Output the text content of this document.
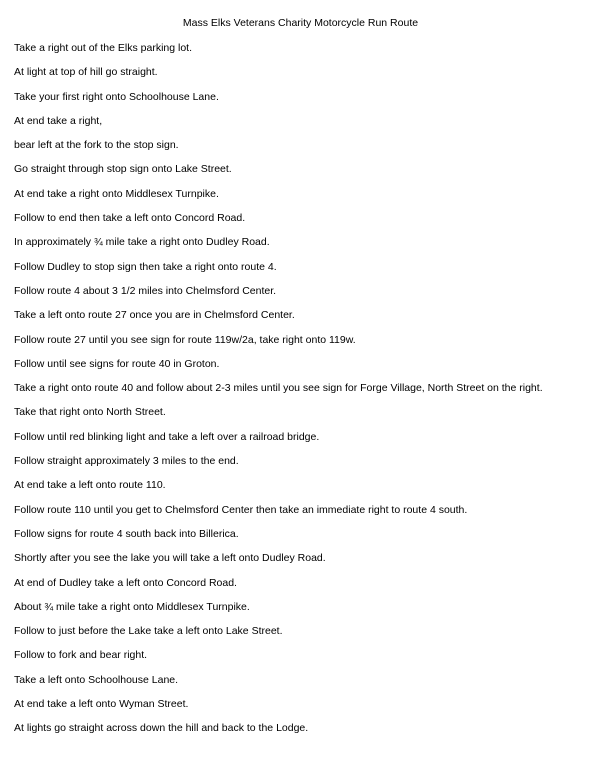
Mass Elks Veterans Charity Motorcycle Run Route
Take a right out of the Elks parking lot.
At light at top of hill go straight.
Take your first right onto Schoolhouse Lane.
At end take a right,
bear left at the fork to the stop sign.
Go straight through stop sign onto Lake Street.
At end take a right onto Middlesex Turnpike.
Follow to end then take a left onto Concord Road.
In approximately ¾ mile take a right onto Dudley Road.
Follow Dudley to stop sign then take a right onto route 4.
Follow route 4 about 3 1/2 miles into Chelmsford Center.
Take a left onto route 27 once you are in Chelmsford Center.
Follow route 27 until you see sign for route 119w/2a, take right onto 119w.
Follow until see signs for route 40 in Groton.
Take a right onto route 40 and follow about 2-3 miles until you see sign for Forge Village, North Street on the right.
Take that right onto North Street.
Follow until red blinking light and take a left over a railroad bridge.
Follow straight approximately 3 miles to the end.
At end take a left onto route 110.
Follow route 110 until you get to Chelmsford Center then take an immediate right to route 4 south.
Follow signs for route 4 south back into Billerica.
Shortly after you see the lake you will take a left onto Dudley Road.
At end of Dudley take a left onto Concord Road.
About ¾ mile take a right onto Middlesex Turnpike.
Follow to just before the Lake take a left onto Lake Street.
Follow to fork and bear right.
Take a left onto Schoolhouse Lane.
At end take a left onto Wyman Street.
At lights go straight across down the hill and back to the Lodge.
